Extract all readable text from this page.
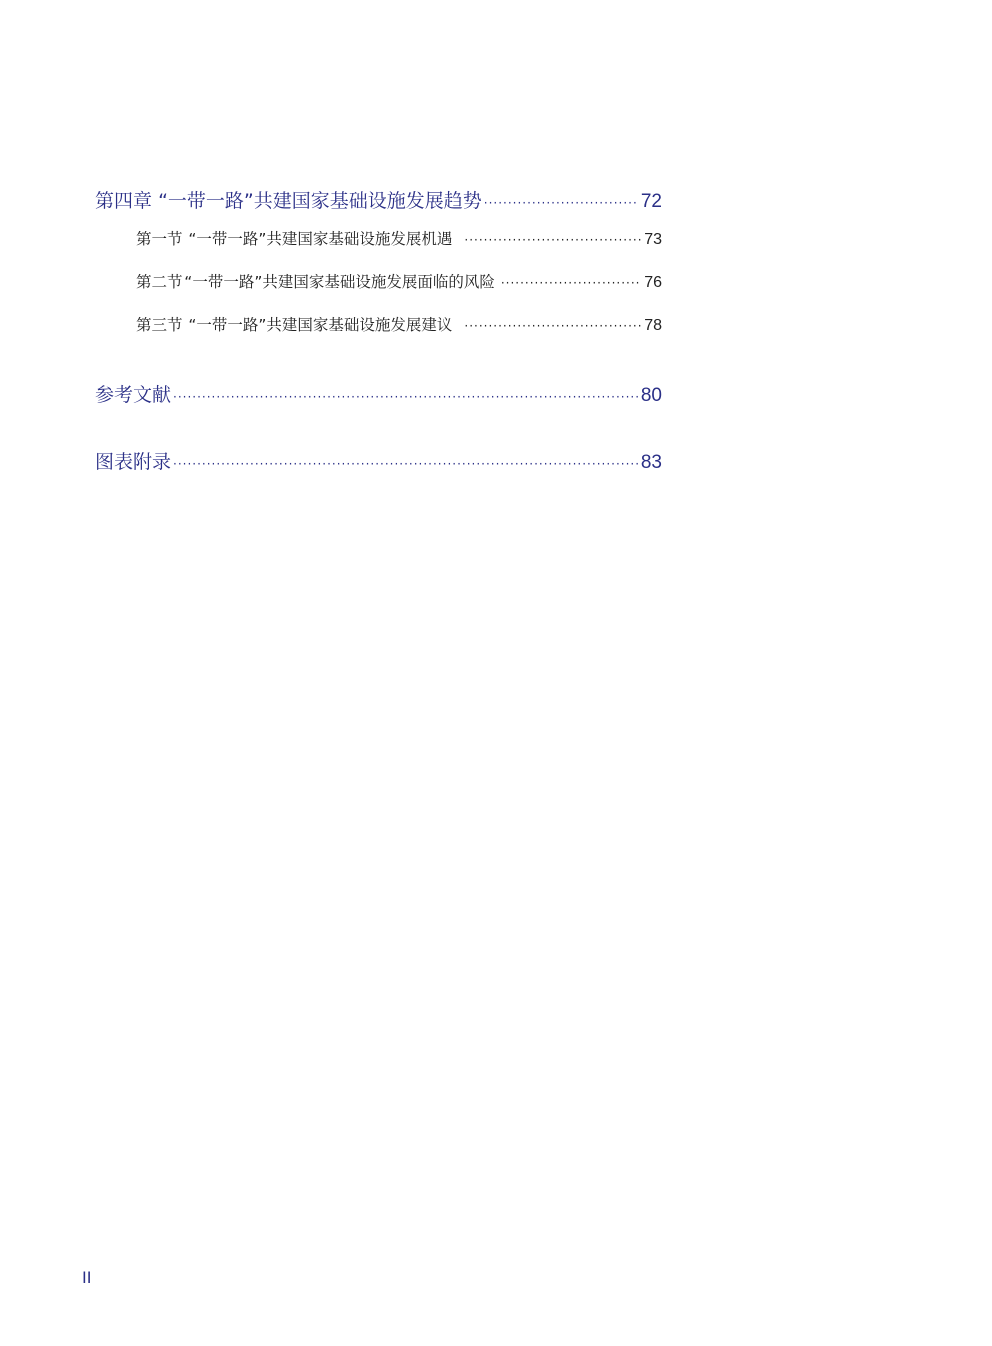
第四章 “一带一路”共建国家基础设施发展趋势 ·····	72
第一节 “一带一路”共建国家基础设施发展机遇 ·····	73
第二节 “一带一路”共建国家基础设施发展面临的风险 ·····	76
第三节 “一带一路”共建国家基础设施发展建议 ·····	78
参考文献 ·····	80
图表附录 ·····	83
II
